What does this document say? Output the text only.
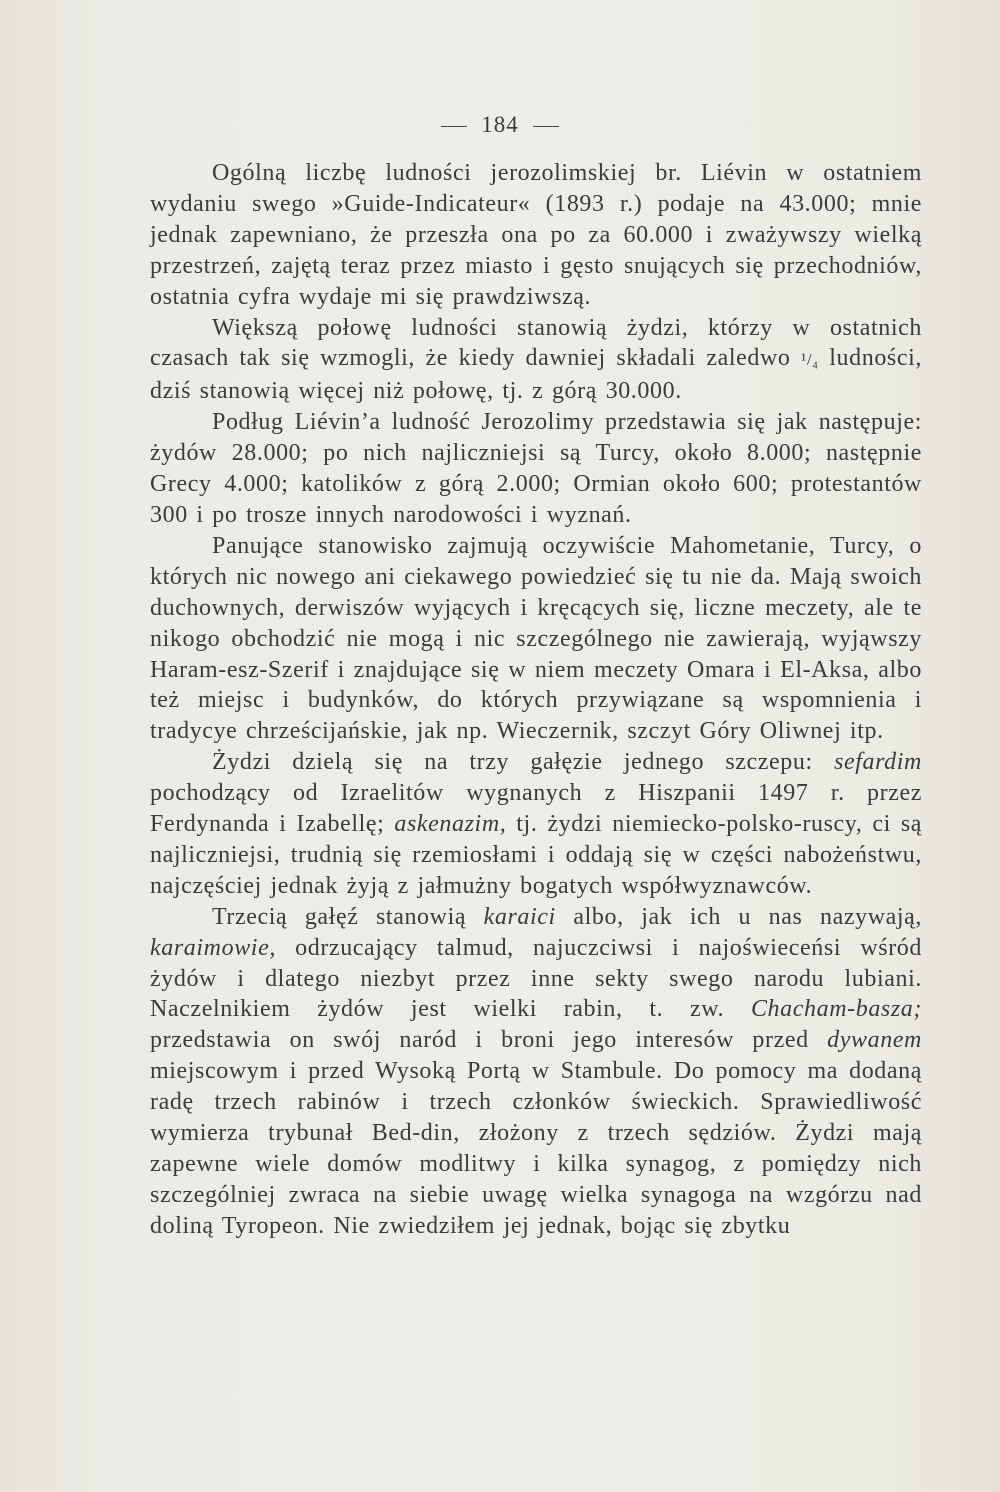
184

Ogólną liczbę ludności jerozolimskiej br. Liévin w ostatniem wydaniu swego »Guide-Indicateur« (1893 r.) podaje na 43.000; mnie jednak zapewniano, że przeszła ona po za 60.000 i zważywszy wielką przestrzeń, zajętą teraz przez miasto i gęsto snujących się przechodniów, ostatnia cyfra wydaje mi się prawdziwszą.

Większą połowę ludności stanowią żydzi, którzy w ostatnich czasach tak się wzmogli, że kiedy dawniej składali zaledwo ¹/₄ ludności, dziś stanowią więcej niż połowę, tj. z górą 30.000.

Podług Liévin’a ludność Jerozolimy przedstawia się jak następuje: żydów 28.000; po nich najliczniejsi są Turcy, około 8.000; następnie Grecy 4.000; katolików z górą 2.000; Ormian około 600; protestantów 300 i po trosze innych narodowości i wyznań.

Panujące stanowisko zajmują oczywiście Mahometanie, Turcy, o których nic nowego ani ciekawego powiedzieć się tu nie da. Mają swoich duchownych, derwiszów wyjących i kręcących się, liczne meczety, ale te nikogo obchodzić nie mogą i nic szczególnego nie zawierają, wyjąwszy Haram-esz-Szerif i znajdujące się w niem meczety Omara i El-Aksa, albo też miejsc i budynków, do których przywiązane są wspomnienia i tradycye chrześcijańskie, jak np. Wieczernik, szczyt Góry Oliwnej itp.

Żydzi dzielą się na trzy gałęzie jednego szczepu: sefardim pochodzący od Izraelitów wygnanych z Hiszpanii 1497 r. przez Ferdynanda i Izabellę; askenazim, tj. żydzi niemiecko-polsko-ruscy, ci są najliczniejsi, trudnią się rzemiosłami i oddają się w części nabożeństwu, najczęściej jednak żyją z jałmużny bogatych współwyznawców.

Trzecią gałęź stanowią karaici albo, jak ich u nas nazywają, karaimowie, odrzucający talmud, najuczciwsi i najoświeceńsi wśród żydów i dlatego niezbyt przez inne sekty swego narodu lubiani. Naczelnikiem żydów jest wielki rabin, t. zw. Chacham-basza; przedstawia on swój naród i broni jego interesów przed dywanem miejscowym i przed Wysoką Portą w Stambule. Do pomocy ma dodaną radę trzech rabinów i trzech członków świeckich. Sprawiedliwość wymierza trybunał Bed-din, złożony z trzech sędziów. Żydzi mają zapewne wiele domów modlitwy i kilka synagog, z pomiędzy nich szczególniej zwraca na siebie uwagę wielka synagoga na wzgórzu nad doliną Tyropeon. Nie zwiedziłem jej jednak, bojąc się zbytku
